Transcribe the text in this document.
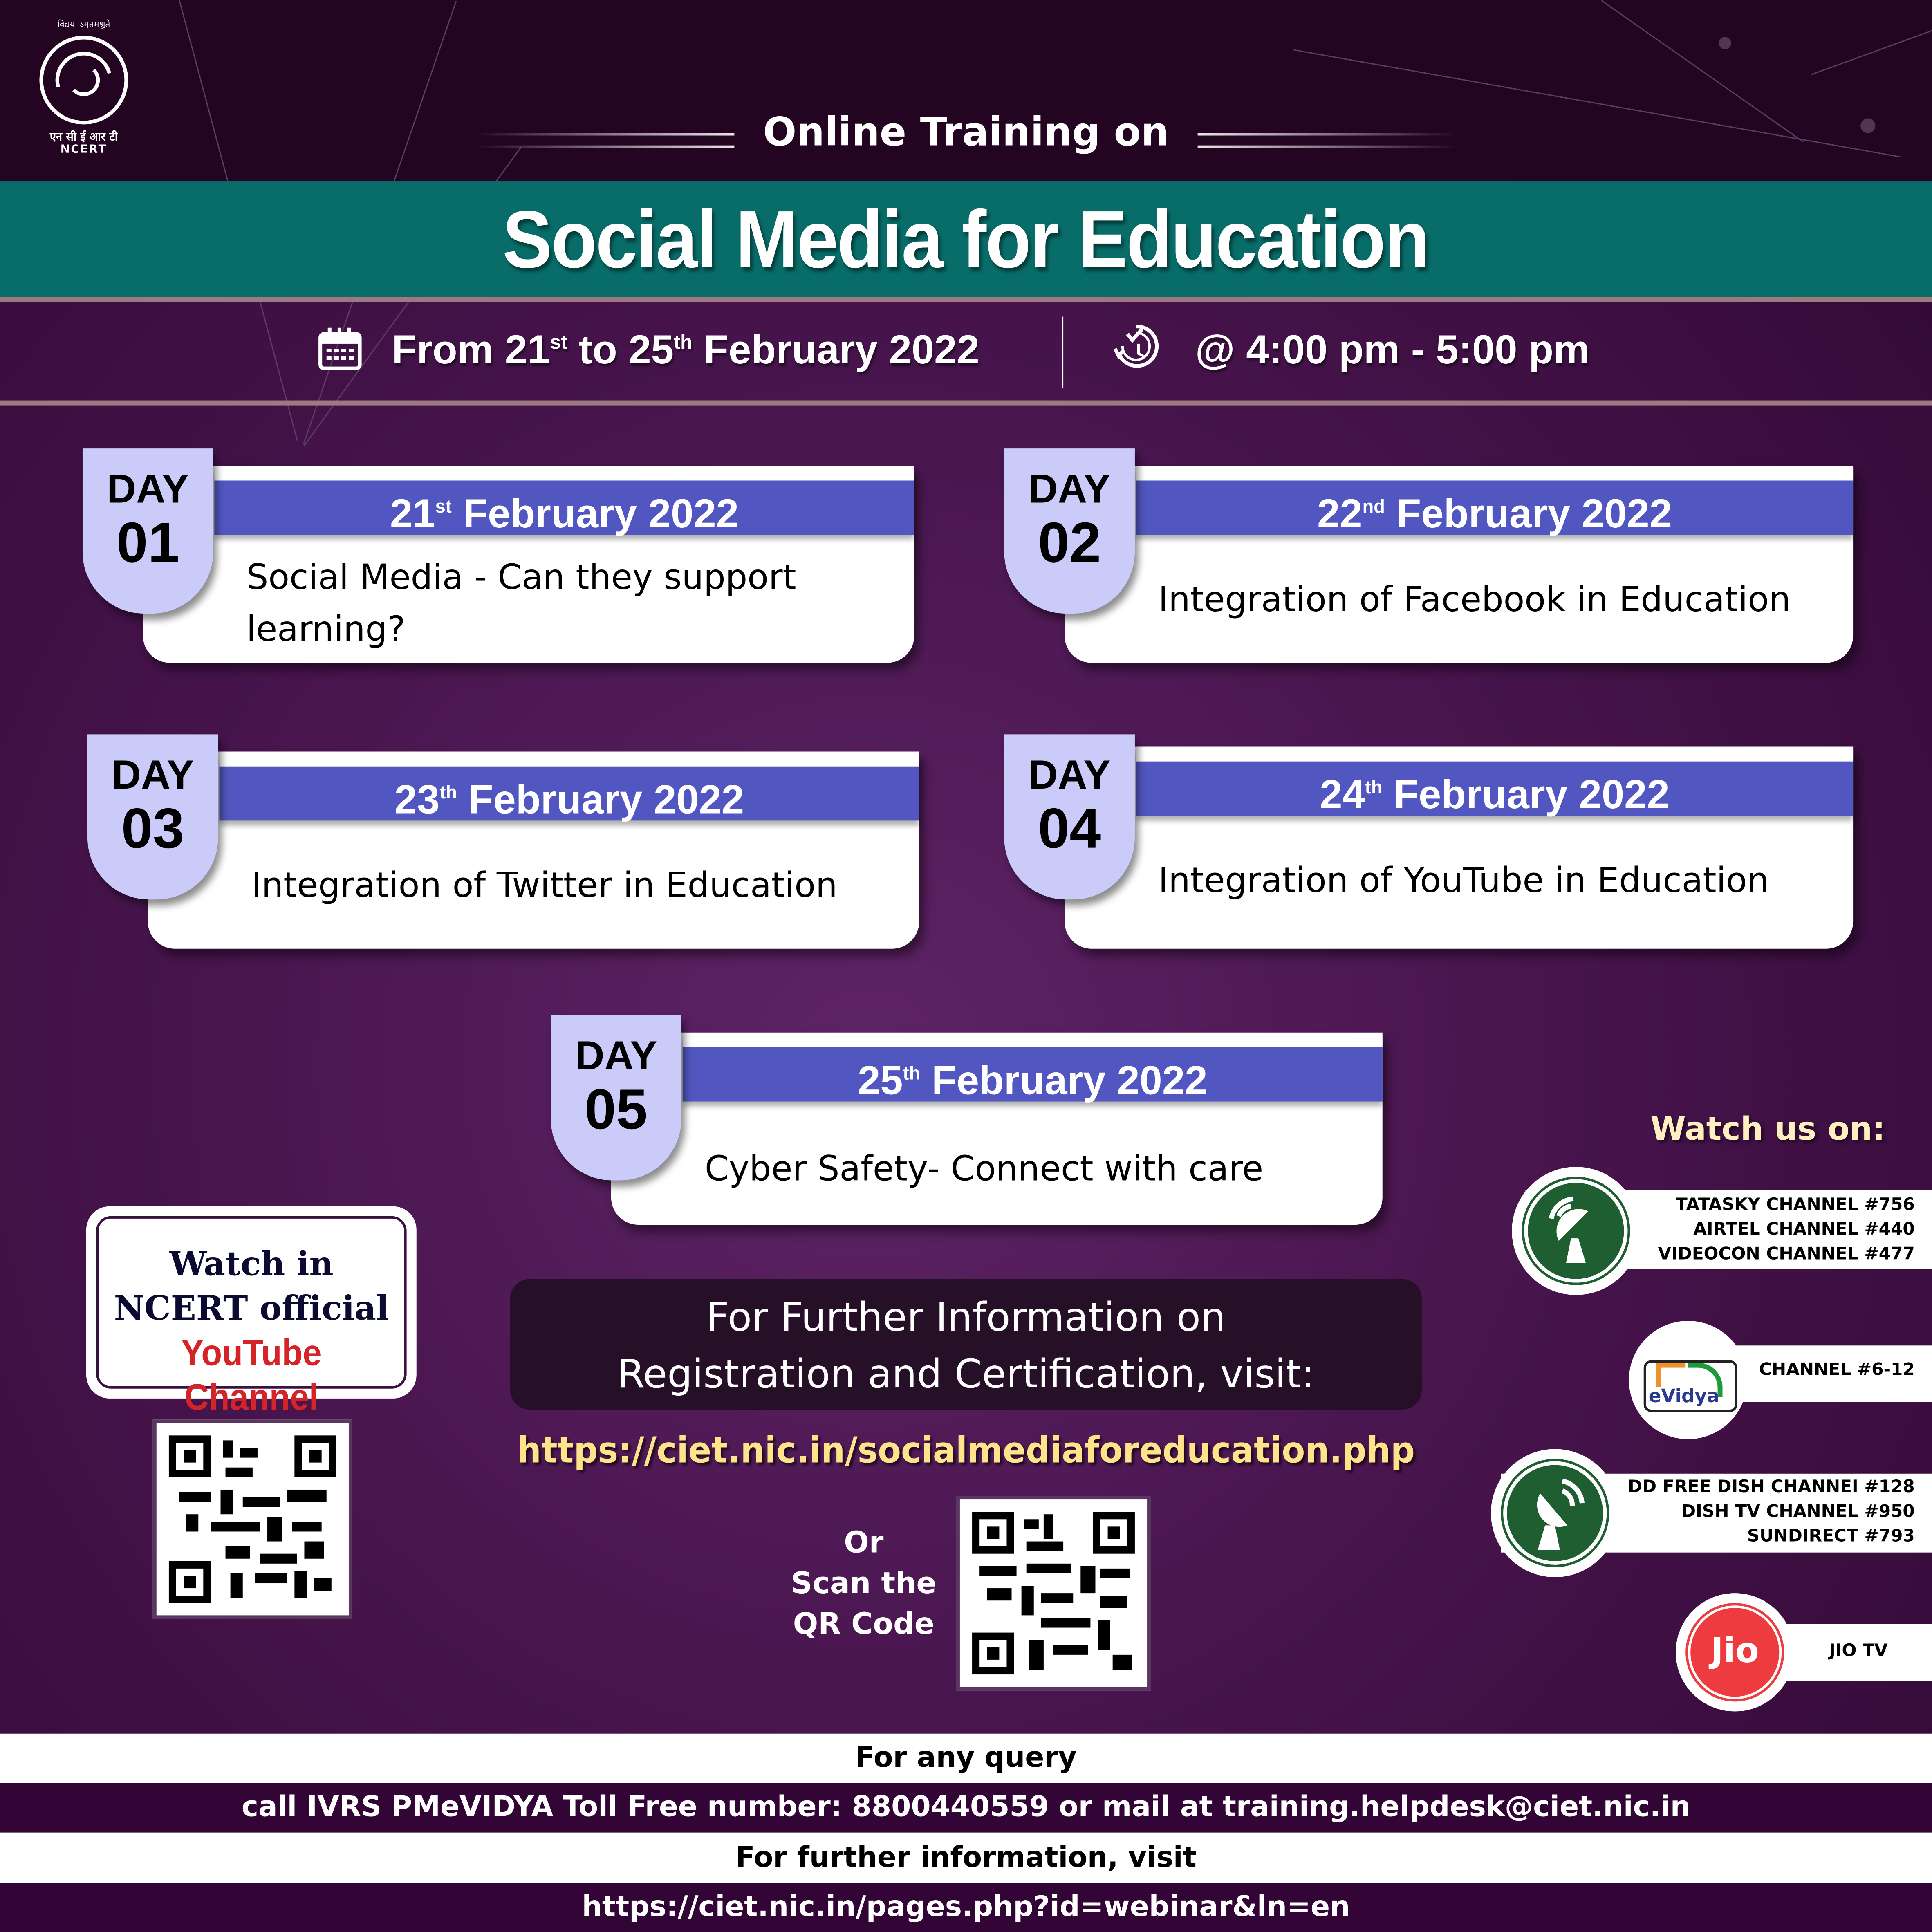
विद्यया ऽमृतमश्नुते
एन सी ई आर टी
NCERT	Online Training on
Social Media for Education
From 21st to 25th February 2022	@ 4:00 pm - 5:00 pm
21st February 2022
Social Media - Can they support learning?
DAY
01	22nd February 2022
Integration of Facebook in Education
DAY
02
23th February 2022
Integration of Twitter in Education
DAY
03
24th February 2022
Integration of YouTube in Education
DAY
04
25th February 2022
Cyber Safety- Connect with care
DAY
05
Watch in
NCERT official
YouTube Channel
For Further Information on
Registration and Certification, visit:
https://ciet.nic.in/socialmediaforeducation.php
Or
Scan the
QR Code
Watch us on:
TATASKY CHANNEL #756
AIRTEL CHANNEL #440
VIDEOCON CHANNEL #477
CHANNEL #6-12
eVidya
DD FREE DISH CHANNEI #128
DISH TV CHANNEL #950
SUNDIRECT #793
JIO TV
Jio
For any query
call IVRS PMeVIDYA Toll Free number: 8800440559 or mail at training.helpdesk@ciet.nic.in
For further information, visit
https://ciet.nic.in/pages.php?id=webinar&ln=en
